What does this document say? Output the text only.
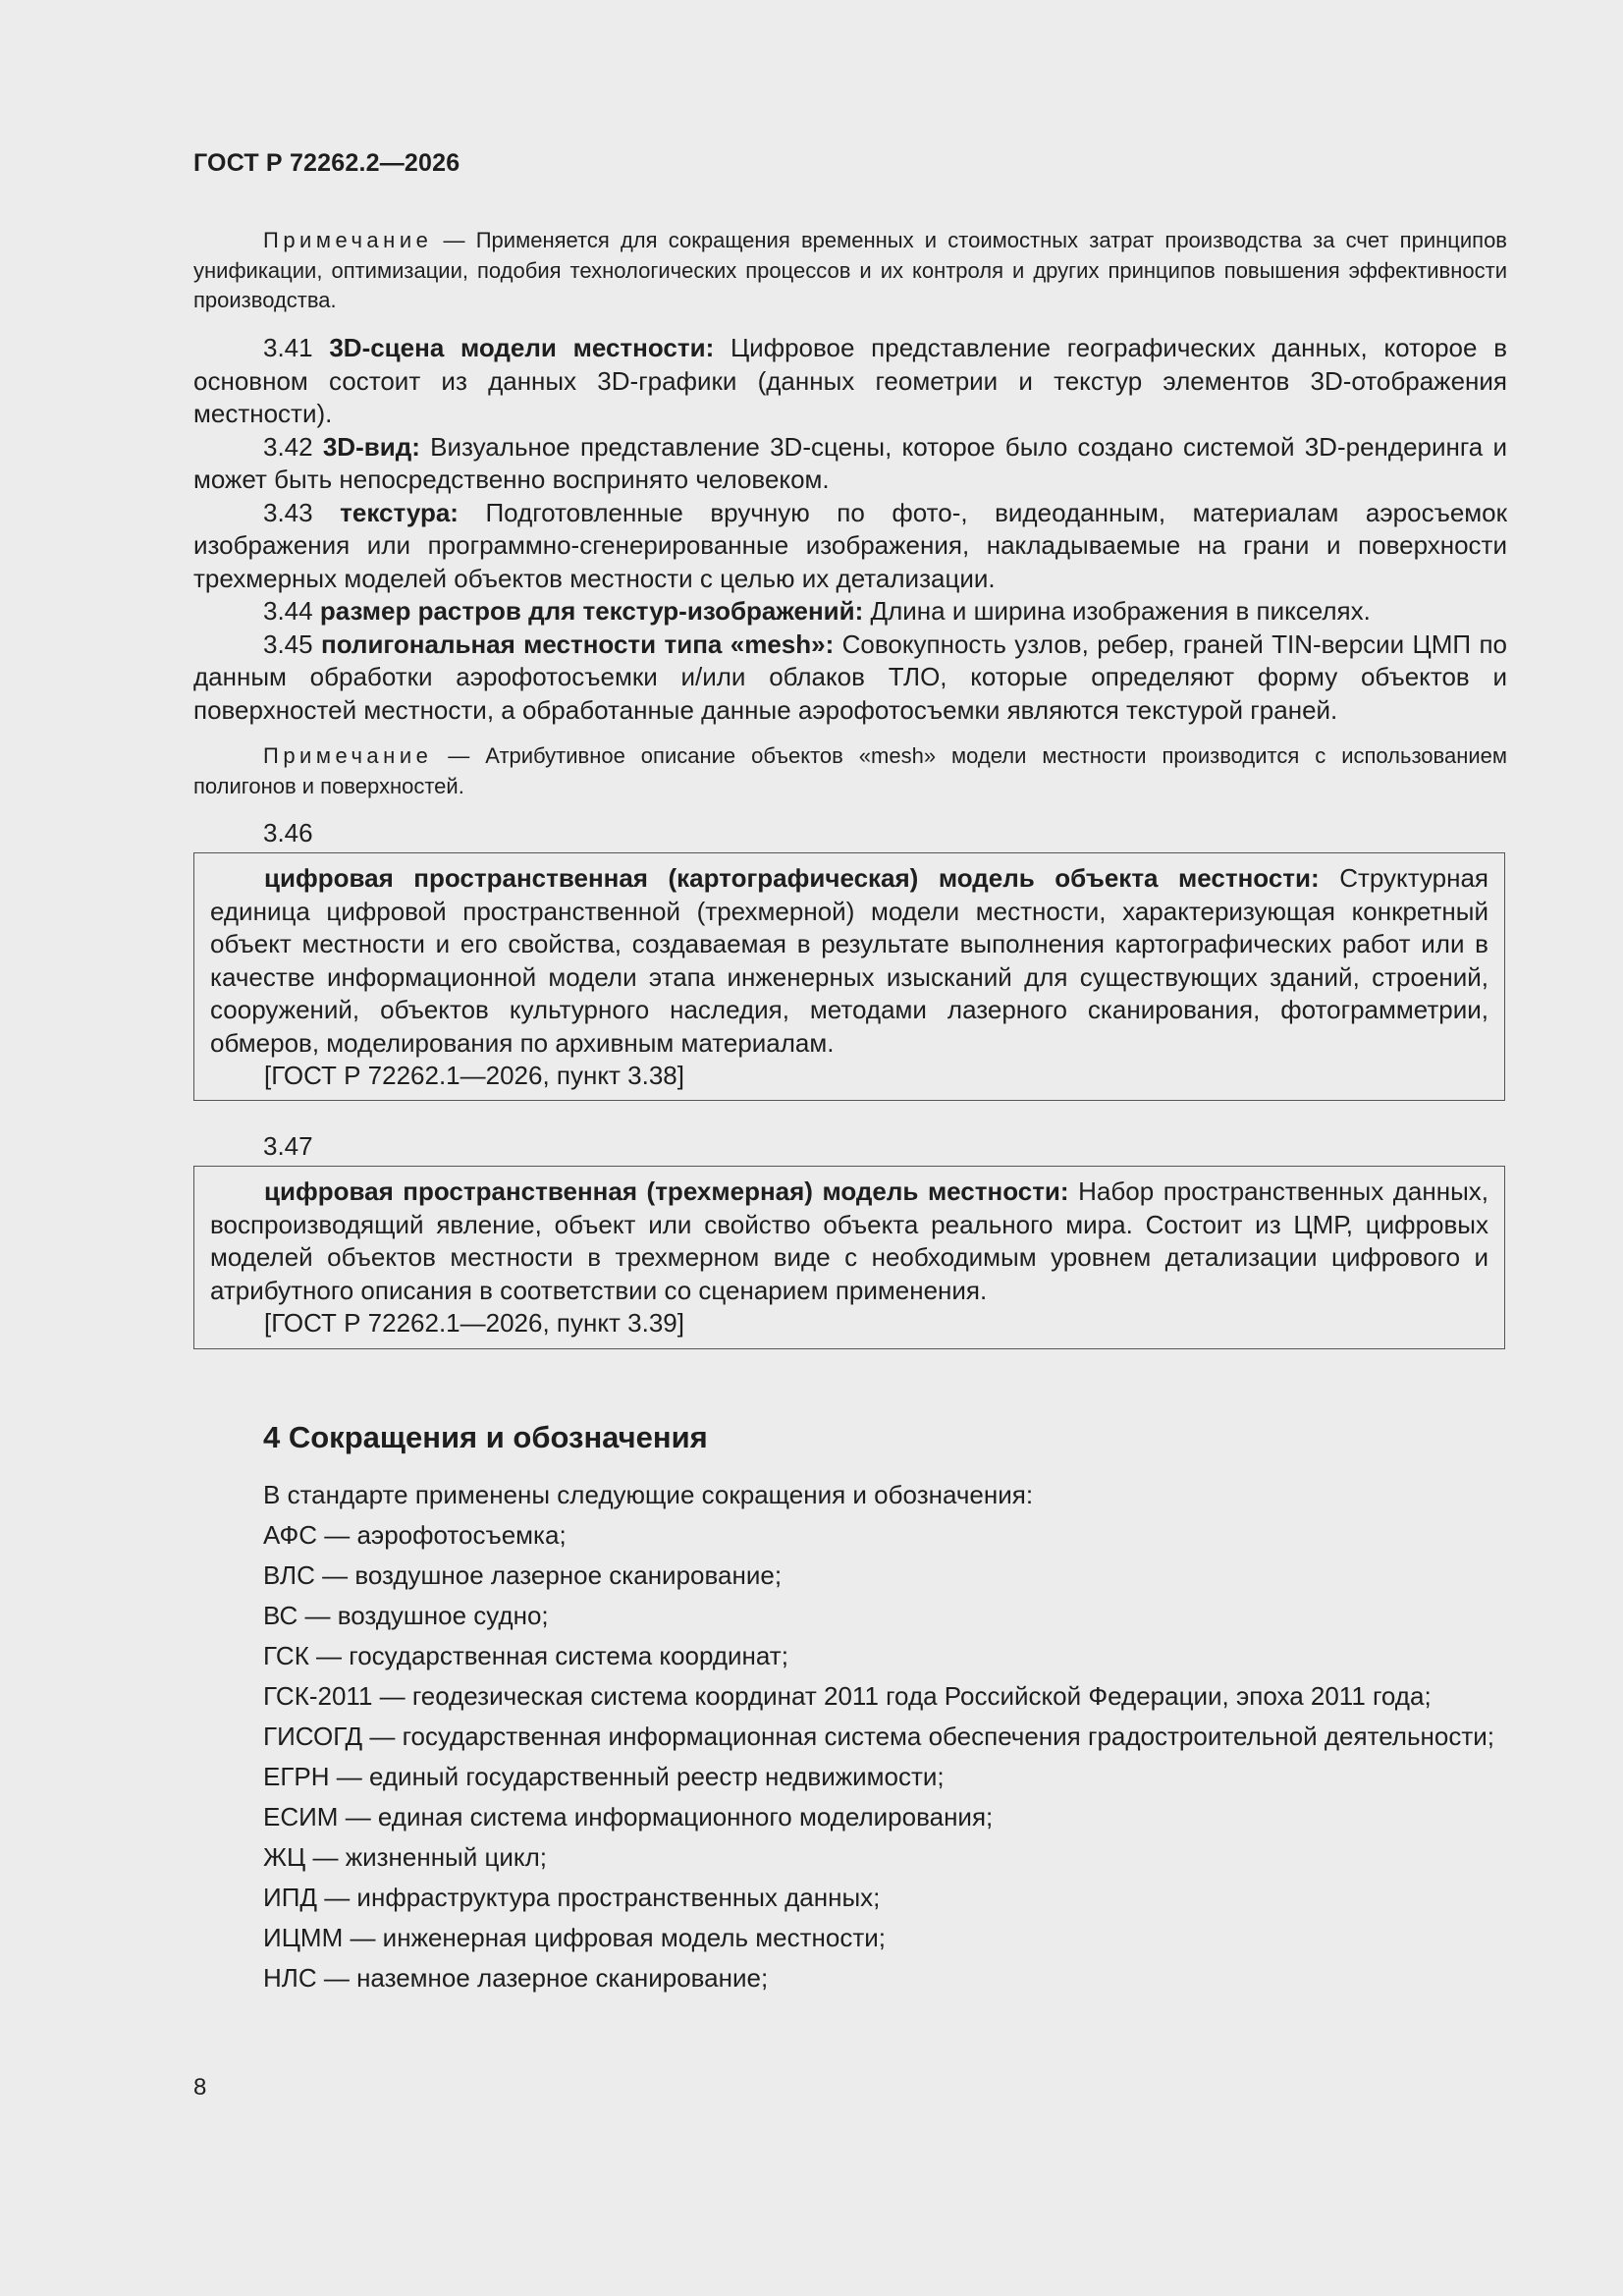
ГОСТ Р 72262.2—2026

Примечание — Применяется для сокращения временных и стоимостных затрат производства за счет принципов унификации, оптимизации, подобия технологических процессов и их контроля и других принципов повышения эффективности производства.

3.41 3D-сцена модели местности: Цифровое представление географических данных, которое в основном состоит из данных 3D-графики (данных геометрии и текстур элементов 3D-отображения местности).

3.42 3D-вид: Визуальное представление 3D-сцены, которое было создано системой 3D-рендеринга и может быть непосредственно воспринято человеком.

3.43 текстура: Подготовленные вручную по фото-, видеоданным, материалам аэросъемок изображения или программно-сгенерированные изображения, накладываемые на грани и поверхности трехмерных моделей объектов местности с целью их детализации.

3.44 размер растров для текстур-изображений: Длина и ширина изображения в пикселях.

3.45 полигональная местности типа «mesh»: Совокупность узлов, ребер, граней TIN-версии ЦМП по данным обработки аэрофотосъемки и/или облаков ТЛО, которые определяют форму объектов и поверхностей местности, а обработанные данные аэрофотосъемки являются текстурой граней.

Примечание — Атрибутивное описание объектов «mesh» модели местности производится с использованием полигонов и поверхностей.

3.46

цифровая пространственная (картографическая) модель объекта местности: Структурная единица цифровой пространственной (трехмерной) модели местности, характеризующая конкретный объект местности и его свойства, создаваемая в результате выполнения картографических работ или в качестве информационной модели этапа инженерных изысканий для существующих зданий, строений, сооружений, объектов культурного наследия, методами лазерного сканирования, фотограмметрии, обмеров, моделирования по архивным материалам.

[ГОСТ Р 72262.1—2026, пункт 3.38]

3.47

цифровая пространственная (трехмерная) модель местности: Набор пространственных данных, воспроизводящий явление, объект или свойство объекта реального мира. Состоит из ЦМР, цифровых моделей объектов местности в трехмерном виде с необходимым уровнем детализации цифрового и атрибутного описания в соответствии со сценарием применения.

[ГОСТ Р 72262.1—2026, пункт 3.39]

4 Сокращения и обозначения

В стандарте применены следующие сокращения и обозначения:

АФС — аэрофотосъемка;

ВЛС — воздушное лазерное сканирование;

ВС — воздушное судно;

ГСК — государственная система координат;

ГСК-2011 — геодезическая система координат 2011 года Российской Федерации, эпоха 2011 года;

ГИСОГД — государственная информационная система обеспечения градостроительной деятельности;

ЕГРН — единый государственный реестр недвижимости;

ЕСИМ — единая система информационного моделирования;

ЖЦ — жизненный цикл;

ИПД — инфраструктура пространственных данных;

ИЦММ — инженерная цифровая модель местности;

НЛС — наземное лазерное сканирование;

8
